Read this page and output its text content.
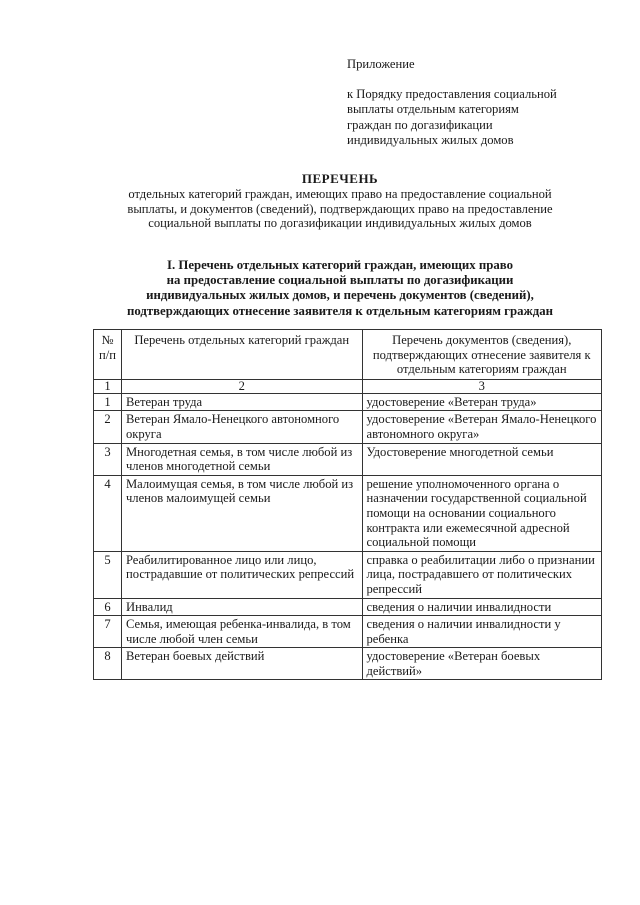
Приложение
к Порядку предоставления социальной
выплаты отдельным категориям
граждан по догазификации
индивидуальных жилых домов
ПЕРЕЧЕНЬ
отдельных категорий граждан, имеющих право на предоставление социальной
выплаты, и документов (сведений), подтверждающих право на предоставление
социальной выплаты по догазификации индивидуальных жилых домов
I. Перечень отдельных категорий граждан, имеющих право
на предоставление социальной выплаты по догазификации
индивидуальных жилых домов, и перечень документов (сведений),
подтверждающих отнесение заявителя к отдельным категориям граждан
№ п/п	Перечень отдельных категорий граждан	Перечень документов (сведения), подтверждающих отнесение заявителя к отдельным категориям граждан
1	2	3
1	Ветеран труда	удостоверение «Ветеран труда»
2	Ветеран Ямало-Ненецкого автономного округа	удостоверение «Ветеран Ямало-Ненецкого автономного округа»
3	Многодетная семья, в том числе любой из членов многодетной семьи	Удостоверение многодетной семьи
4	Малоимущая семья, в том числе любой из членов малоимущей семьи	решение уполномоченного органа о назначении государственной социальной помощи на основании социального контракта или ежемесячной адресной социальной помощи
5	Реабилитированное лицо или лицо, пострадавшие от политических репрессий	справка о реабилитации либо о признании лица, пострадавшего от политических репрессий
6	Инвалид	сведения о наличии инвалидности
7	Семья, имеющая ребенка-инвалида, в том числе любой член семьи	сведения о наличии инвалидности у ребенка
8	Ветеран боевых действий	удостоверение «Ветеран боевых действий»
